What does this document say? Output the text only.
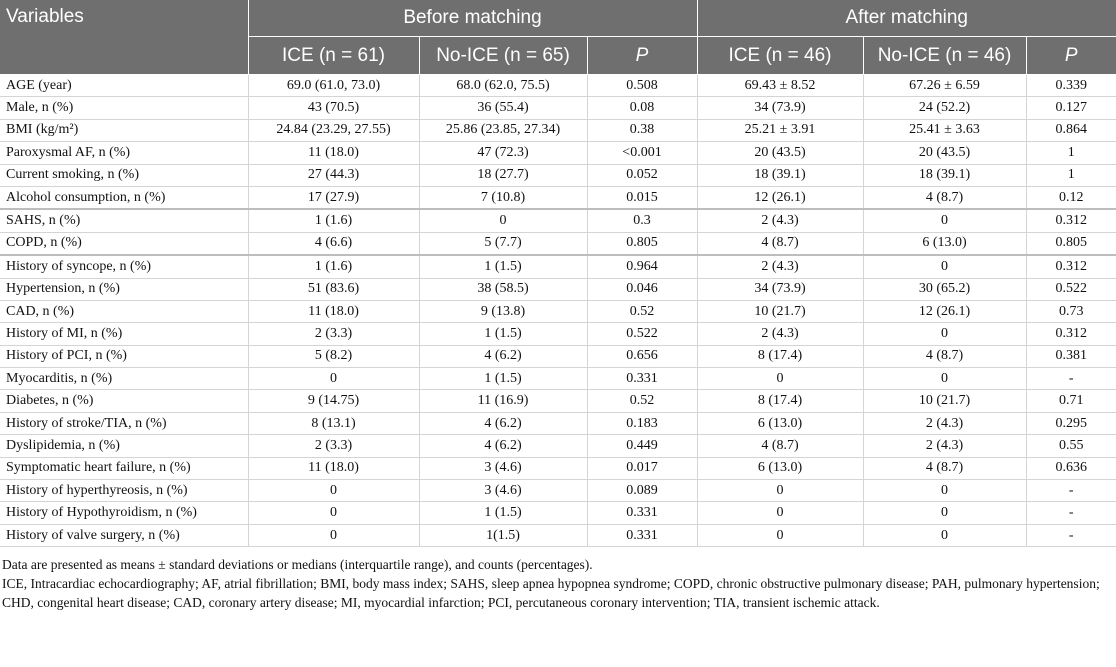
Variables	Before matching			After matching		
	ICE (n = 61)	No-ICE (n = 65)	P	ICE (n = 46)	No-ICE (n = 46)	P
AGE (year)	69.0 (61.0, 73.0)	68.0 (62.0, 75.5)	0.508	69.43 ± 8.52	67.26 ± 6.59	0.339
Male, n (%)	43 (70.5)	36 (55.4)	0.08	34 (73.9)	24 (52.2)	0.127
BMI (kg/m²)	24.84 (23.29, 27.55)	25.86 (23.85, 27.34)	0.38	25.21 ± 3.91	25.41 ± 3.63	0.864
Paroxysmal AF, n (%)	11 (18.0)	47 (72.3)	<0.001	20 (43.5)	20 (43.5)	1
Current smoking, n (%)	27 (44.3)	18 (27.7)	0.052	18 (39.1)	18 (39.1)	1
Alcohol consumption, n (%)	17 (27.9)	7 (10.8)	0.015	12 (26.1)	4 (8.7)	0.12
SAHS, n (%)	1 (1.6)	0	0.3	2 (4.3)	0	0.312
COPD, n (%)	4 (6.6)	5 (7.7)	0.805	4 (8.7)	6 (13.0)	0.805
History of syncope, n (%)	1 (1.6)	1 (1.5)	0.964	2 (4.3)	0	0.312
Hypertension, n (%)	51 (83.6)	38 (58.5)	0.046	34 (73.9)	30 (65.2)	0.522
CAD, n (%)	11 (18.0)	9 (13.8)	0.52	10 (21.7)	12 (26.1)	0.73
History of MI, n (%)	2 (3.3)	1 (1.5)	0.522	2 (4.3)	0	0.312
History of PCI, n (%)	5 (8.2)	4 (6.2)	0.656	8 (17.4)	4 (8.7)	0.381
Myocarditis, n (%)	0	1 (1.5)	0.331	0	0	-
Diabetes, n (%)	9 (14.75)	11 (16.9)	0.52	8 (17.4)	10 (21.7)	0.71
History of stroke/TIA, n (%)	8 (13.1)	4 (6.2)	0.183	6 (13.0)	2 (4.3)	0.295
Dyslipidemia, n (%)	2 (3.3)	4 (6.2)	0.449	4 (8.7)	2 (4.3)	0.55
Symptomatic heart failure, n (%)	11 (18.0)	3 (4.6)	0.017	6 (13.0)	4 (8.7)	0.636
History of hyperthyreosis, n (%)	0	3 (4.6)	0.089	0	0	-
History of Hypothyroidism, n (%)	0	1 (1.5)	0.331	0	0	-
History of valve surgery, n (%)	0	1(1.5)	0.331	0	0	-

Data are presented as means ± standard deviations or medians (interquartile range), and counts (percentages).

ICE, Intracardiac echocardiography; AF, atrial fibrillation; BMI, body mass index; SAHS, sleep apnea hypopnea syndrome; COPD, chronic obstructive pulmonary disease; PAH, pulmonary hypertension; CHD, congenital heart disease; CAD, coronary artery disease; MI, myocardial infarction; PCI, percutaneous coronary intervention; TIA, transient ischemic attack.
